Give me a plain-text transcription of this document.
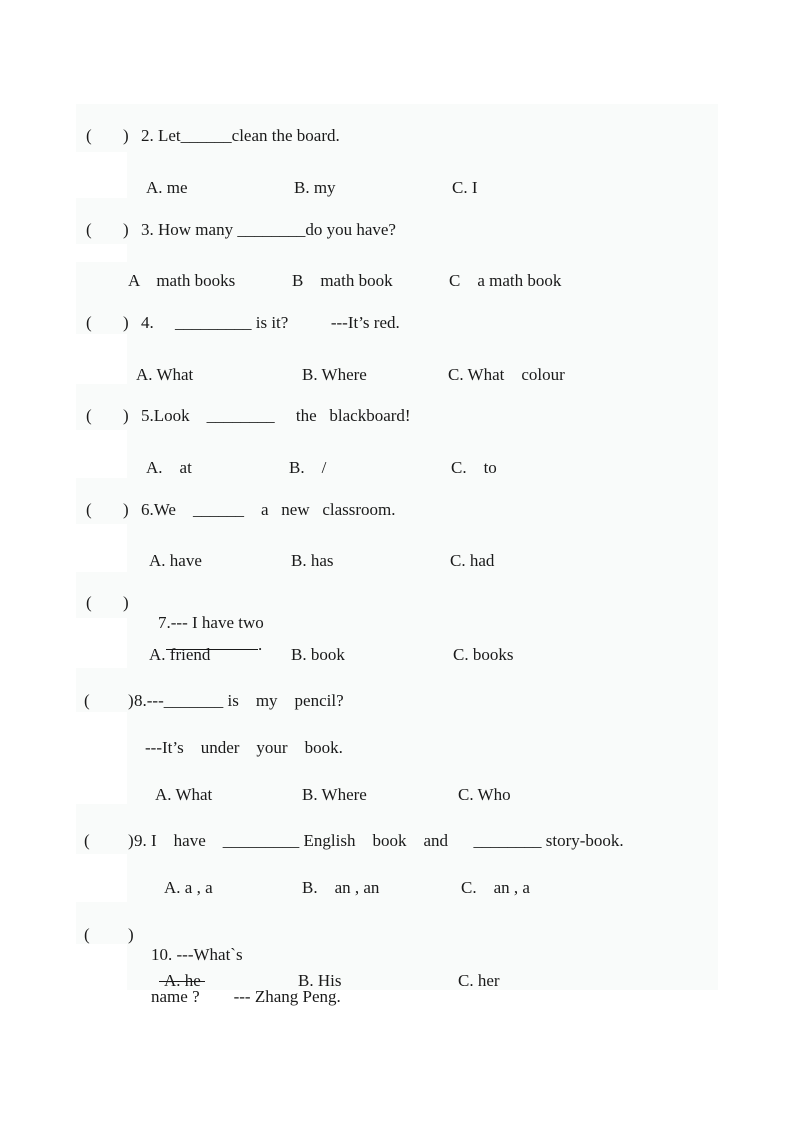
( ) 2. Let______clean the board.
A. me	B. my	C. I
( ) 3. How many ________do you have?
A    math books	B    math book	C    a math book
( ) 4.     _________ is it?          ---It’s red.
A. What	B. Where	C. What    colour
( ) 5.Look    ________     the   blackboard!
A.    at	B.    /	C.    to
( ) 6.We    ______    a   new   classroom.
A. have	B. has	C. had
( )

7.--- I have two
.

A. friend	B. book	C. books
( ) 8.---_______ is    my    pencil?
---It’s    under    your    book.
A. What	B. Where	C. Who
( ) 9. I    have    _________ English    book    and      ________ story-book.
A. a , a	B.    an , an	C.    an , a
( )

10. ---What`s

name ?        --- Zhang Peng.

A. he	B. His	C. her
